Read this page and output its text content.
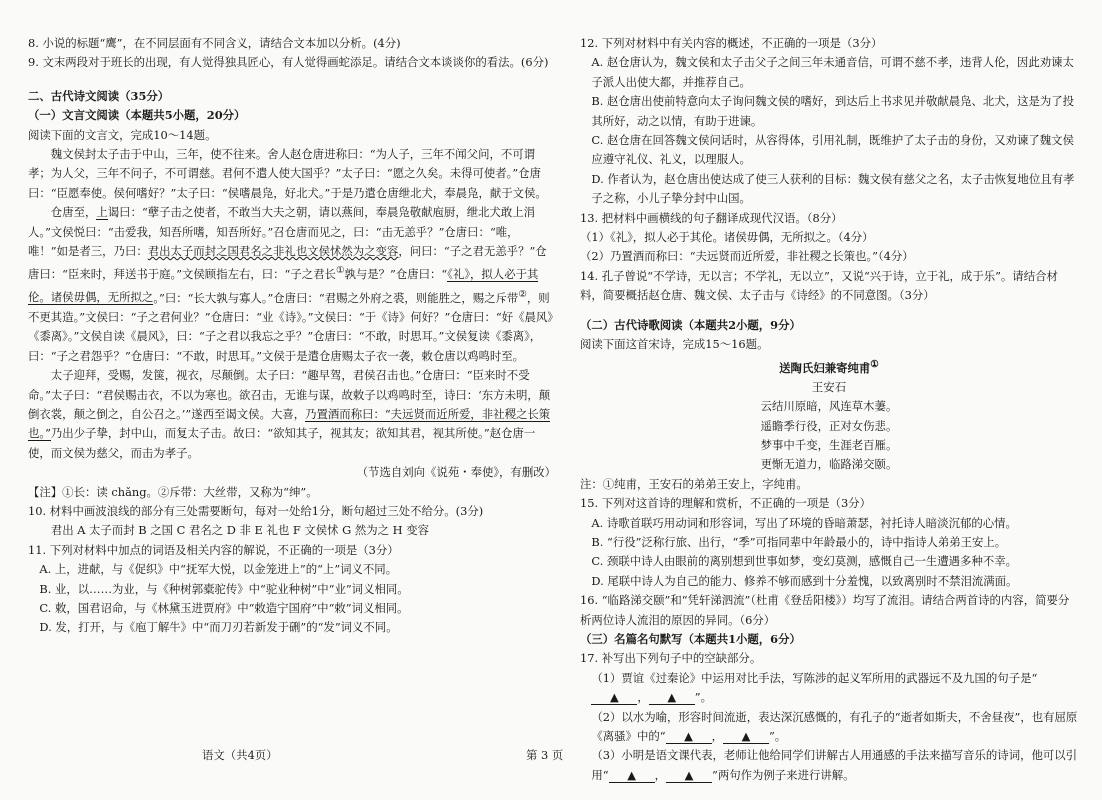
8. 小说的标题“鹰”，在不同层面有不同含义，请结合文本加以分析。(4分)

9. 文末两段对于班长的出现，有人觉得独具匠心，有人觉得画蛇添足。请结合文本谈谈你的看法。(6分)

二、古代诗文阅读（35分）

（一）文言文阅读（本题共5小题，20分）

阅读下面的文言文，完成10～14题。

魏文侯封太子击于中山，三年，使不往来。舍人赵仓唐进称曰：“为人子，三年不闻父问，不可谓孝；为人父，三年不问子，不可谓慈。君何不遣人使大国乎？”太子曰：“愿之久矣。未得可使者。”仓唐曰：“臣愿奉使。侯何嗜好？”太子曰：“侯嗜晨凫，好北犬。”于是乃遣仓唐绁北犬，奉晨凫，献于文侯。

仓唐至，上谒曰：“孽子击之使者，不敢当大夫之朝，请以燕间，奉晨凫敬献庖厨，绁北犬敢上涓人。”文侯悦曰：“击爱我，知吾所嗜，知吾所好。”召仓唐而见之，曰：“击无恙乎？”仓唐曰：“唯，唯！”如是者三，乃曰：君出太子而封之国君名之非礼也文侯怵然为之变容，问曰：“子之君无恙乎？”仓唐曰：“臣来时，拜送书于庭。”文侯顾指左右，曰：“子之君长①孰与是？”仓唐曰：“《礼》，拟人必于其伦。诸侯毋偶，无所拟之。”曰：“长大孰与寡人。”仓唐曰：“君赐之外府之裘，则能胜之，赐之斥带②，则不更其造。”文侯曰：“子之君何业？”仓唐曰：“业《诗》。”文侯曰：“于《诗》何好？”仓唐曰：“好《晨风》《黍离》。”文侯自读《晨风》，曰：“子之君以我忘之乎？”仓唐曰：“不敢，时思耳。”文侯复读《黍离》，曰：“子之君怨乎？”仓唐曰：“不敢，时思耳。”文侯于是遣仓唐赐太子衣一袭，敕仓唐以鸡鸣时至。

太子迎拜，受赐，发箧，视衣，尽颠倒。太子曰：“趣早驾，君侯召击也。”仓唐曰：“臣来时不受命。”太子曰：“君侯赐击衣，不以为寒也。欲召击，无谁与谋，故敕子以鸡鸣时至，诗曰：‘东方未明，颠倒衣裳，颠之倒之，自公召之。’”遂西至谒文侯。大喜，乃置酒而称曰：“夫远贤而近所爱，非社稷之长策也。”乃出少子挚，封中山，而复太子击。故曰：“欲知其子，视其友；欲知其君，视其所使。”赵仓唐一使，而文侯为慈父，而击为孝子。

（节选自刘向《说苑・奉使》，有删改）

【注】①长：读 chǎng。②斥带：大丝带，又称为“绅”。

10. 材料中画波浪线的部分有三处需要断句，每对一处给1分，断句超过三处不给分。(3分)

君出 A 太子而封 B 之国 C 君名之 D 非 E 礼也 F 文侯怵 G 然为之 H 变容

11. 下列对材料中加点的词语及相关内容的解说，不正确的一项是（3分）

A. 上，进献，与《促织》中“抚军大悦，以金笼进上”的“上”词义不同。

B. 业，以……为业，与《种树郭橐驼传》中“驼业种树”中“业”词义相同。

C. 敕，国君诏命，与《林黛玉进贾府》中“敕造宁国府”中“敕”词义相同。

D. 发，打开，与《庖丁解牛》中“而刀刃若新发于硎”的“发”词义不同。

12. 下列对材料中有关内容的概述，不正确的一项是（3分）

A. 赵仓唐认为，魏文侯和太子击父子之间三年未通音信，可谓不慈不孝，违背人伦，因此劝谏太子派人出使大都，并推荐自己。

B. 赵仓唐出使前特意向太子询问魏文侯的嗜好，到达后上书求见并敬献晨凫、北犬，这是为了投其所好，动之以情，有助于进谏。

C. 赵仓唐在回答魏文侯问话时，从容得体，引用礼制，既维护了太子击的身份，又劝谏了魏文侯应遵守礼仪、礼义，以理服人。

D. 作者认为，赵仓唐出使达成了使三人获利的目标：魏文侯有慈父之名，太子击恢复地位且有孝子之称，小儿子挚分封中山国。

13. 把材料中画横线的句子翻译成现代汉语。（8分）

（1）《礼》，拟人必于其伦。诸侯毋偶，无所拟之。（4分）

（2）乃置酒而称曰：“夫远贤而近所爱，非社稷之长策也。”（4分）

14. 孔子曾说“不学诗，无以言；不学礼，无以立”，又说“兴于诗，立于礼，成于乐”。请结合材料，简要概括赵仓唐、魏文侯、太子击与《诗经》的不同意图。（3分）

（二）古代诗歌阅读（本题共2小题，9分）

阅读下面这首宋诗，完成15～16题。

送陶氏妇兼寄纯甫①

王安石

云结川原暗，风连草木萋。

遥瞻季行役，正对女伤悲。

梦事中千变，生涯老百雁。

更惭无道力，临路涕交颐。

注：①纯甫，王安石的弟弟王安上，字纯甫。

15. 下列对这首诗的理解和赏析，不正确的一项是（3分）

A. 诗歌首联巧用动词和形容词，写出了环境的昏暗萧瑟，衬托诗人暗淡沉郁的心情。

B. “行役”泛称行旅、出行，“季”可指同辈中年龄最小的，诗中指诗人弟弟王安上。

C. 颈联中诗人由眼前的离别想到世事如梦，变幻莫测，感慨自己一生遭遇多种不幸。

D. 尾联中诗人为自己的能力、修养不够而感到十分羞愧，以致离别时不禁泪流满面。

16. “临路涕交颐”和“凭轩涕泗流”（杜甫《登岳阳楼》）均写了流泪。请结合两首诗的内容，简要分析两位诗人流泪的原因的异同。（6分）

（三）名篇名句默写（本题共1小题，6分）

17. 补写出下列句子中的空缺部分。

（1）贾谊《过秦论》中运用对比手法，写陈涉的起义军所用的武器远不及九国的句子是“▲ ， ▲ ”。

（2）以水为喻，形容时间流逝，表达深沉感慨的，有孔子的“逝者如斯夫，不舍昼夜”，也有屈原《离骚》中的“ ▲ ， ▲ ”。

（3）小明是语文课代表，老师让他给同学们讲解古人用通感的手法来描写音乐的诗词，他可以引用“ ▲ ， ▲ ”两句作为例子来进行讲解。

语文（共4页）	第 3 页
